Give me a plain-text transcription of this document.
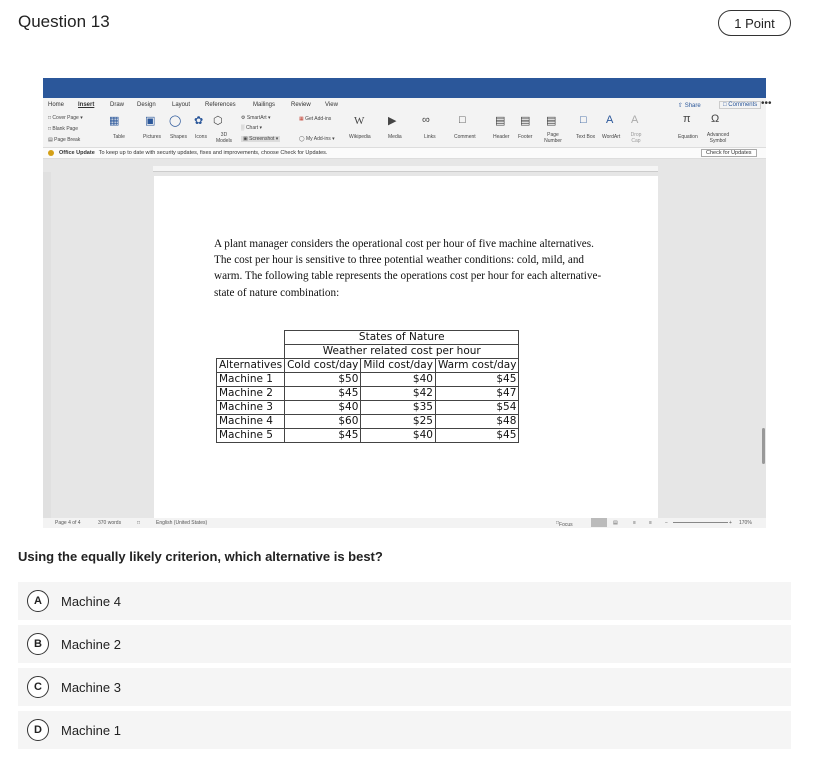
Question 13	1 Point
Home Insert	Draw Design	Layout References	Mailings	Review View	⇧ Share	□ Comments •••
□ Cover Page ▾
□ Blank Page
▤ Page Break
▦
Table
▣
Pictures
◯
Shapes
✿
Icons
⬡
3D Models
⚙ SmartArt ▾
░ Chart ▾
▣ Screenshot ▾
▦ Get Add-ins
◯ My Add-ins ▾
W
Wikipedia
▶
Media
∞
Links
□
Comment
▤
Header
▤
Footer
▤
Page Number
□
Text Box
A
WordArt
A
Drop Cap
π
Equation
Ω
Advanced Symbol
Office Update To keep up to date with security updates, fixes and improvements, choose Check for Updates.	Check for Updates

A plant manager considers the operational cost per hour of five machine alternatives. The cost per hour is sensitive to three potential weather conditions: cold, mild, and warm. The following table represents the operations cost per hour for each alternative-state of nature combination:

	States of Nature		
	Weather related cost per hour		
Alternatives	Cold cost/day	Mild cost/day	Warm cost/day
Machine 1	$50	$40	$45
Machine 2	$45	$42	$47
Machine 3	$40	$35	$54
Machine 4	$60	$25	$48
Machine 5	$45	$40	$45
Page 4 of 4	370 words	□	English (United States)	□ Focus	▤	≡	≡	−	+ 170%
Using the equally likely criterion, which alternative is best?
A	Machine 4
B	Machine 2
C	Machine 3
D	Machine 1
